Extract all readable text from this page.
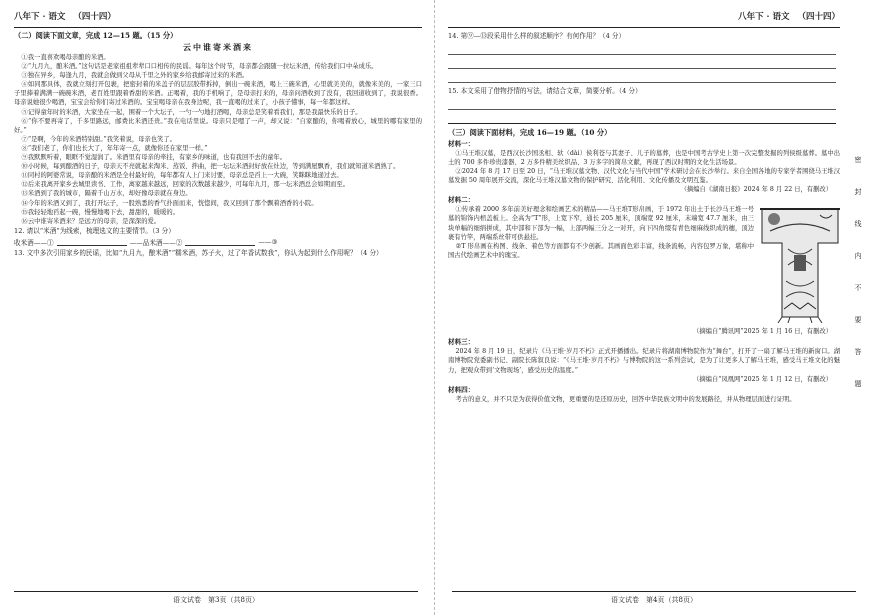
八年下 · 语文 （四十四）
（二）阅读下面文章，完成 12—15 题。（15 分）
云中谁寄米酒来

①我一直喜欢喝母亲酿的米酒。

②“九月九，酿米酒。”这句话是老家祖祖辈辈口口相传的民谣。每年这个时节，母亲都会跟随一拉坛米酒，传给我们口中朵成乐。

③独在异乡，每逢九月，我就会做到父母从千里之外的家乡给我邮寄过来的米酒。

④如同那具体，我就立刻打开包裹，把密封着的米盖子的层层胶带拆掉，倒出一碗来酒，喝上三碗米酒，心里就美美的，就像米美的，一家三口子里捧着满满一碗碗米酒，老百姓里跟着香甜的米酒。正喝着，我的手机响了，是母亲打来的，母亲问酒收到了没有，我回道收到了，我说很香。母亲说她很少喝酒，宝宝会给你们寄过米酒的。宝宝喝母亲在我身边呢，我一直喝的过来了，小孩子懂事，每一年都这样。

⑤记得童年时的米酒，大家坐在一起，围着一个大坛子，一勺一勺地打酒喝，母亲总是笑着看我们，那是我最快乐的日子。

⑥“你不要再寄了，千多里路远，邮费比米酒还贵。”我在电话里说。母亲只是嗯了一声，却又说：“自家酿的，你喝着放心，城里的哪有家里的好。”

⑦“是啊，今年的米酒特别甜。”我笑着说，母亲也笑了。

⑧“我们老了，你们也长大了，年年寄一点，就像你还在家里一样。”

⑨我默默听着，眼眶不觉湿润了。米酒里有母亲的牵挂，有家乡的味道，也有我回不去的童年。

⑩小时候，每到酿酒的日子，母亲天不亮就起来淘米、蒸饭、拌曲，把一坛坛米酒封好放在灶边，等到满屋飘香，我们就知道米酒熟了。

⑪同村的阿婆常说，母亲酿的米酒是全村最好的，每年都有人上门来讨要，母亲总是舀上一大碗，笑眯眯地递过去。

⑫后来我离开家乡去城里读书、工作，离家越来越远，回家的次数越来越少，可每年九月，那一坛米酒总会如期而至。

⑬米酒到了我的城市，隔着千山万水，却好像母亲就在身边。

⑭今年的米酒又到了，我打开坛子，一股熟悉的香气扑面而来，恍惚间，我又回到了那个飘着酒香的小院。

⑮我轻轻地舀起一碗，慢慢地喝下去，甜甜的，暖暖的。

⑯云中谁寄米酒来？是远方的母亲，是深深的爱。

12. 请以“米酒”为线索，梳理选文的主要情节。（3 分）
收米酒——①	——品米酒——②	——③
13. 文中多次引用家乡的民谣，比如“九月九，酿米酒”“糯米酒，苏子火，过了年香试数我”，你认为起到什么作用呢？（4 分）
语文试卷　第3页（共8页）
八年下 · 语文 （四十四）
14. 第⑨—⑬段采用什么样的叙述顺序？有何作用？（4 分）
15. 本文采用了借物抒情的写法，请结合文章，简要分析。（4 分）
（三）阅读下面材料，完成 16—19 题。（10 分）
材料一：

①马王堆汉墓，是西汉长沙国丞相、轪（dài）侯利苍与其妻子、儿子的墓葬，也是中国考古学史上第一次完整发掘的列侯级墓葬。墓中出土的 700 多件珍贵漆器、2 万多件精美丝织品、3 万多字的简帛文献，再现了西汉时期的文化生活场景。

②2024 年 8 月 17 日至 20 日，“马王堆汉墓文物、汉代文化与当代中国”学术研讨会在长沙举行。来自全国各地的专家学者围绕马王堆汉墓发掘 50 周年展开交流，深化马王堆汉墓文物的保护研究、活化利用、文化传播及文明互鉴。

（摘编自《湖南日报》2024 年 8 月 22 日，有删改）
材料二：

①传承着 2000 多年前美好理念和绘画艺术的精品——马王堆T形帛画，于 1972 年出土于长沙马王堆一号墓的锦饰内棺盖板上。全高为“T”形，上宽下窄，通长 205 厘米，顶端宽 92 厘米，末端宽 47.7 厘米，由三块单幅的细绢拼成，其中部和下部为一幅，上部两幅三分之一对开，向下四角缀有青色细麻线织成的穗，顶边裹有竹竿，两端系丝带可供悬挂。

②T 形帛画在构图、线条、着色等方面都有不少创新。其画面色彩丰富，线条流畅，内容包罗万象，堪称中国古代绘画艺术中的瑰宝。

（摘编自“腾讯网”2025 年 1 月 16 日，有删改）
材料三：

2024 年 8 月 19 日，纪录片《马王堆·岁月不朽》正式开播播出。纪录片将湖南博物院作为“舞台”，打开了一扇了解马王堆的新窗口。湖南博物院党委副书记、副院长陈叙良说：“《马王堆·岁月不朽》与博物院的这一系列尝试，是为了让更多人了解马王堆，感受马王堆文化的魅力，把观众带到‘文物现场’，感受历史的温度。”

（摘编自“凤凰网”2025 年 1 月 12 日，有删改）
材料四：

考古的意义，并不只是为获得价值文物，更重要的是还原历史，回答中华民族文明中的发展路径，并从物理层面进行证明。

语文试卷　第4页（共8页）
密
封
线
内
不
要
答
题
